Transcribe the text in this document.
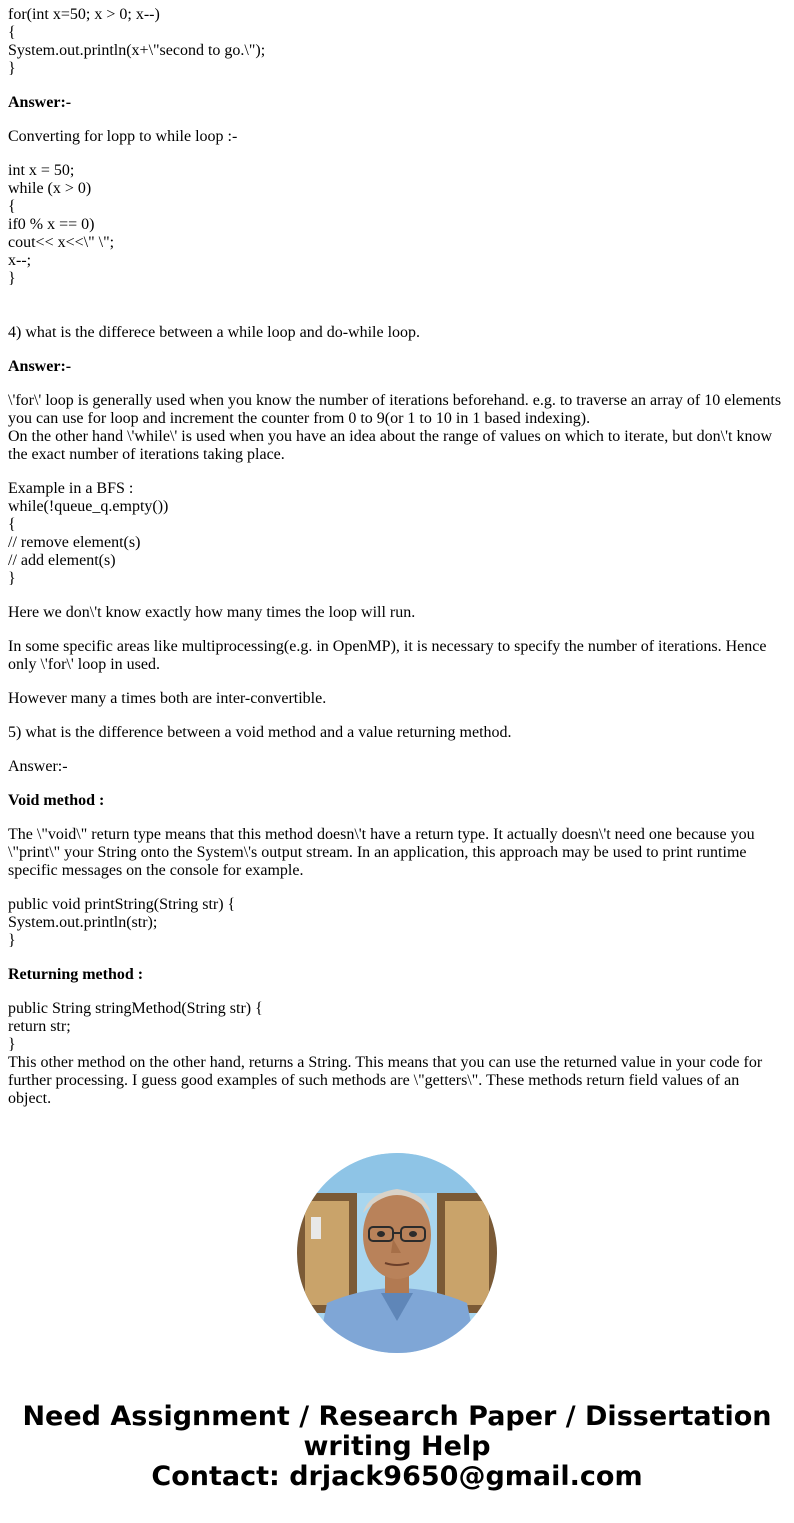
for(int x=50; x > 0; x--)
{
System.out.println(x+\"second to go.\");
}
Answer:-
Converting for lopp to while loop :-
int x = 50;
while (x > 0)
{
if0 % x == 0)
cout<< x<<\" \";
x--;
}
4) what is the differece between a while loop and do-while loop.
Answer:-
\'for\' loop is generally used when you know the number of iterations beforehand. e.g. to traverse an array of 10 elements you can use for loop and increment the counter from 0 to 9(or 1 to 10 in 1 based indexing).
On the other hand \'while\' is used when you have an idea about the range of values on which to iterate, but don\'t know the exact number of iterations taking place.
Example in a BFS :
while(!queue_q.empty())
{
// remove element(s)
// add element(s)
}
Here we don\'t know exactly how many times the loop will run.
In some specific areas like multiprocessing(e.g. in OpenMP), it is necessary to specify the number of iterations. Hence only \'for\' loop in used.
However many a times both are inter-convertible.
5) what is the difference between a void method and a value returning method.
Answer:-
Void method :
The \"void\" return type means that this method doesn\'t have a return type. It actually doesn\'t need one because you \"print\" your String onto the System\'s output stream. In an application, this approach may be used to print runtime specific messages on the console for example.
public void printString(String str) {
System.out.println(str);
}
Returning method :
public String stringMethod(String str) {
return str;
}
This other method on the other hand, returns a String. This means that you can use the returned value in your code for further processing. I guess good examples of such methods are \"getters\". These methods return field values of an object.
Need Assignment / Research Paper / Dissertation
writing Help
Contact: drjack9650@gmail.com
